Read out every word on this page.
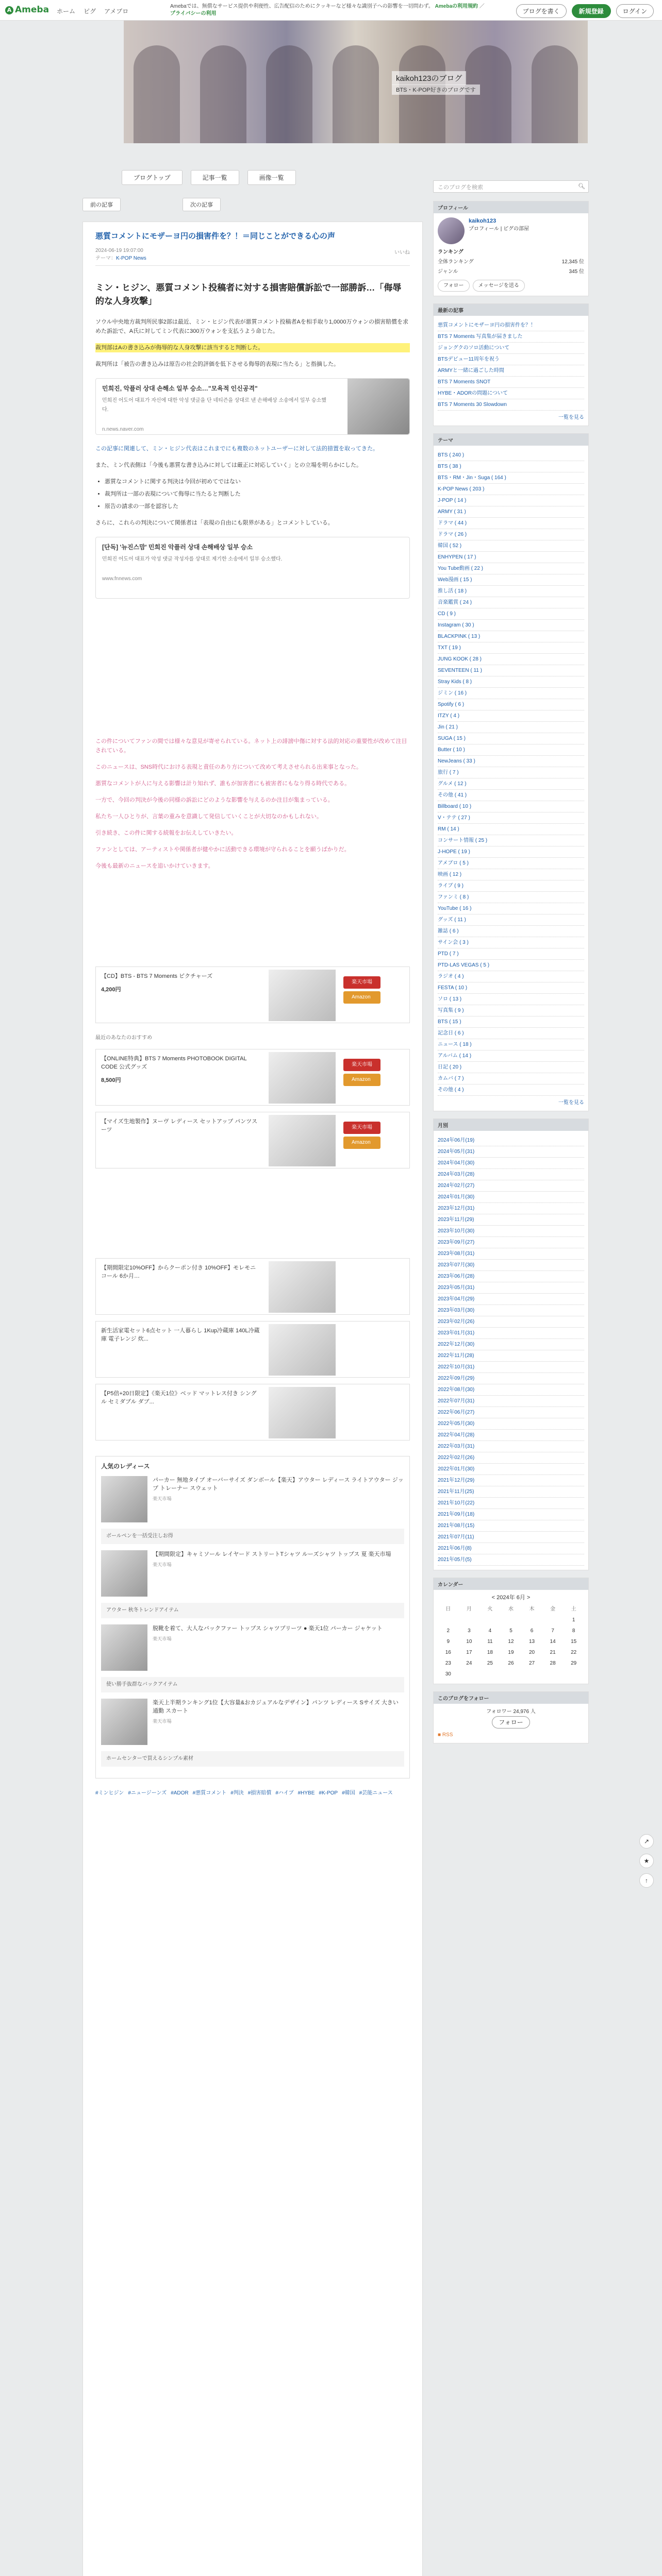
A Ameba ホーム ピグ アメブロ
Amebaでは、無償なサービス提供や利便性、広告配信のためにクッキーなど様々な識別子への影響を一切問わず。 Amebaの利用規約 ／ プライバシーの利用	ブログを書く	新規登録	ログイン
kaikoh123のブログ
BTS・K-POP好きのブログです
ブログトップ	記事一覧	画像一覧
前の記事	次の記事
このブログを検索	🔍︎
悪質コメントにモザーヨ円の損害件を？！＝同じことができる心の声
2024-06-19 19:07:00
テーマ：K-POP News
いいね
ミン・ヒジン、悪質コメント投稿者に対する損害賠償訴訟で一部勝訴…「侮辱的な人身攻撃」

ソウル中央地方裁判所民事2部は最近、ミン・ヒジン代表が悪質コメント投稿者Aを相手取り1,0000万ウォンの損害賠償を求めた訴訟で、A氏に対してミン代表に300万ウォンを支払うよう命じた。

裁判部はAの書き込みが侮辱的な人身攻撃に該当すると判断した。

裁判所は「被告の書き込みは原告の社会的評価を低下させる侮辱的表現に当たる」と指摘した。

민희진, 악플러 상대 손해소 일부 승소…"모욕적 인신공격"
민희진 어도어 대표가 자신에 대한 악성 댓글을 단 네티즌을 상대로 낸 손해배상 소송에서 일부 승소했다.
n.news.naver.com

この記事に関連して、ミン・ヒジン代表はこれまでにも複数のネットユーザーに対して法的措置を取ってきた。

また、ミン代表側は「今後も悪質な書き込みに対しては厳正に対応していく」との立場を明らかにした。

• 悪質なコメントに関する判決は今回が初めてではない
• 裁判所は一部の表現について侮辱に当たると判断した
• 原告の請求の一部を認容した

さらに、これらの判決について関係者は「表現の自由にも限界がある」とコメントしている。

[단독] '뉴진스맘' 민희진 악플러 상대 손해배상 일부 승소
민희진 어도어 대표가 악성 댓글 작성자를 상대로 제기한 소송에서 일부 승소했다.
www.fnnews.com

この件についてファンの間では様々な意見が寄せられている。ネット上の誹謗中傷に対する法的対応の重要性が改めて注目されている。

このニュースは、SNS時代における表現と責任のあり方について改めて考えさせられる出来事となった。

悪質なコメントが人に与える影響は計り知れず、誰もが加害者にも被害者にもなり得る時代である。

一方で、今回の判決が今後の同様の訴訟にどのような影響を与えるのか注目が集まっている。

私たち一人ひとりが、言葉の重みを意識して発信していくことが大切なのかもしれない。

引き続き、この件に関する続報をお伝えしていきたい。

ファンとしては、アーティストや関係者が健やかに活動できる環境が守られることを願うばかりだ。

今後も最新のニュースを追いかけていきます。

【CD】BTS - BTS 7 Moments ピクチャーズ
4,200円
楽天市場
Amazon
最近のあなたのおすすめ
【ONLINE特典】BTS 7 Moments PHOTOBOOK DIGITAL CODE 公式グッズ
8,500円
楽天市場
Amazon
【マイズ生地製作】ヌーヴ レディース セットアップ パンツスーツ	楽天市場
Amazon
【期間限定10%OFF】からクーポン付き 10%OFF】モレモニコール 6か月…
新生活家電セット6点セット 一人暮らし 1Kup冷蔵庫 140L冷蔵庫 電子レンジ 炊...
【P5倍+20日限定】《楽天1位》ベッド マットレス付き シングル セミダブル ダブ...
人気のレディース
パーカー 無地タイプ オーバーサイズ ダンボール【楽天】アウター レディース ライトアウター ジップ トレーナー スウェット
楽天市場
ボールペンを一括受注しお得
【期間限定】キャミソール レイヤード ストリートTシャツ ルーズシャツ トップス 夏 楽天市場
楽天市場
アウター 秋冬トレンドアイテム
脱靴を着て、大人なバックファー トップス シャツプリーツ ● 楽天1位 パーカー ジャケット
楽天市場
使い勝手抜群なバックアイテム
楽天上半期ランキング1位【大容量&おカジュアルなデザイン】パンツ レディース Sサイズ 大きい 通勤 スカート
楽天市場
ホームセンターで買えるシンプル素材
#ミンヒジン #ニュージーンズ #ADOR #悪質コメント #判決 #損害賠償 #ハイブ #HYBE #K-POP #韓国 #芸能ニュース
↗
★
↑
プロフィール
kaikoh123
プロフィール | ピグの部屋
ランキング
全体ランキング	12,345 位
ジャンル	345 位
フォロー	メッセージを送る
最新の記事
悪質コメントにモザーヨ円の損害件を？！
BTS 7 Moments 写真集が届きました
ジョングクのソロ活動について
BTSデビュー11周年を祝う
ARMYと一緒に過ごした時間
BTS 7 Moments SNOT
HYBE・ADORの問題について
BTS 7 Moments 30 Slowdown
一覧を見る
テーマ
BTS ( 240 )
BTS ( 38 )
BTS・RM・Jin・Suga ( 164 )
K-POP News ( 203 )
J-POP ( 14 )
ARMY ( 31 )
ドラマ ( 44 )
ドラマ ( 26 )
韓国 ( 52 )
ENHYPEN ( 17 )
You Tube動画 ( 22 )
Web漫画 ( 15 )
推し活 ( 18 )
音楽鑑賞 ( 24 )
CD ( 9 )
Instagram ( 30 )
BLACKPINK ( 13 )
TXT ( 19 )
JUNG KOOK ( 28 )
SEVENTEEN ( 11 )
Stray Kids ( 8 )
ジミン ( 16 )
Spotify ( 6 )
ITZY ( 4 )
Jin ( 21 )
SUGA ( 15 )
Butter ( 10 )
NewJeans ( 33 )
旅行 ( 7 )
グルメ ( 12 )
その他 ( 41 )
Billboard ( 10 )
V・テテ ( 27 )
RM ( 14 )
コンサート情報 ( 25 )
J-HOPE ( 19 )
アメブロ ( 5 )
映画 ( 12 )
ライブ ( 9 )
ファンミ ( 8 )
YouTube ( 16 )
グッズ ( 11 )
雑誌 ( 6 )
サイン会 ( 3 )
PTD ( 7 )
PTD-LAS VEGAS ( 5 )
ラジオ ( 4 )
FESTA ( 10 )
ソロ ( 13 )
写真集 ( 9 )
BTS ( 15 )
記念日 ( 6 )
ニュース ( 18 )
アルバム ( 14 )
日記 ( 20 )
カムバ ( 7 )
その他 ( 4 )
一覧を見る
月別
2024年06月(19)
2024年05月(31)
2024年04月(30)
2024年03月(28)
2024年02月(27)
2024年01月(30)
2023年12月(31)
2023年11月(29)
2023年10月(30)
2023年09月(27)
2023年08月(31)
2023年07月(30)
2023年06月(28)
2023年05月(31)
2023年04月(29)
2023年03月(30)
2023年02月(26)
2023年01月(31)
2022年12月(30)
2022年11月(28)
2022年10月(31)
2022年09月(29)
2022年08月(30)
2022年07月(31)
2022年06月(27)
2022年05月(30)
2022年04月(28)
2022年03月(31)
2022年02月(26)
2022年01月(30)
2021年12月(29)
2021年11月(25)
2021年10月(22)
2021年09月(18)
2021年08月(15)
2021年07月(11)
2021年06月(8)
2021年05月(5)
カレンダー
< 2024年 6月 >
日	月	火	水	木	金	土
						1
2	3	4	5	6	7	8
9	10	11	12	13	14	15
16	17	18	19	20	21	22
23	24	25	26	27	28	29
30						
このブログをフォロー
フォロワー 24,976 人
フォロー
■ RSS
